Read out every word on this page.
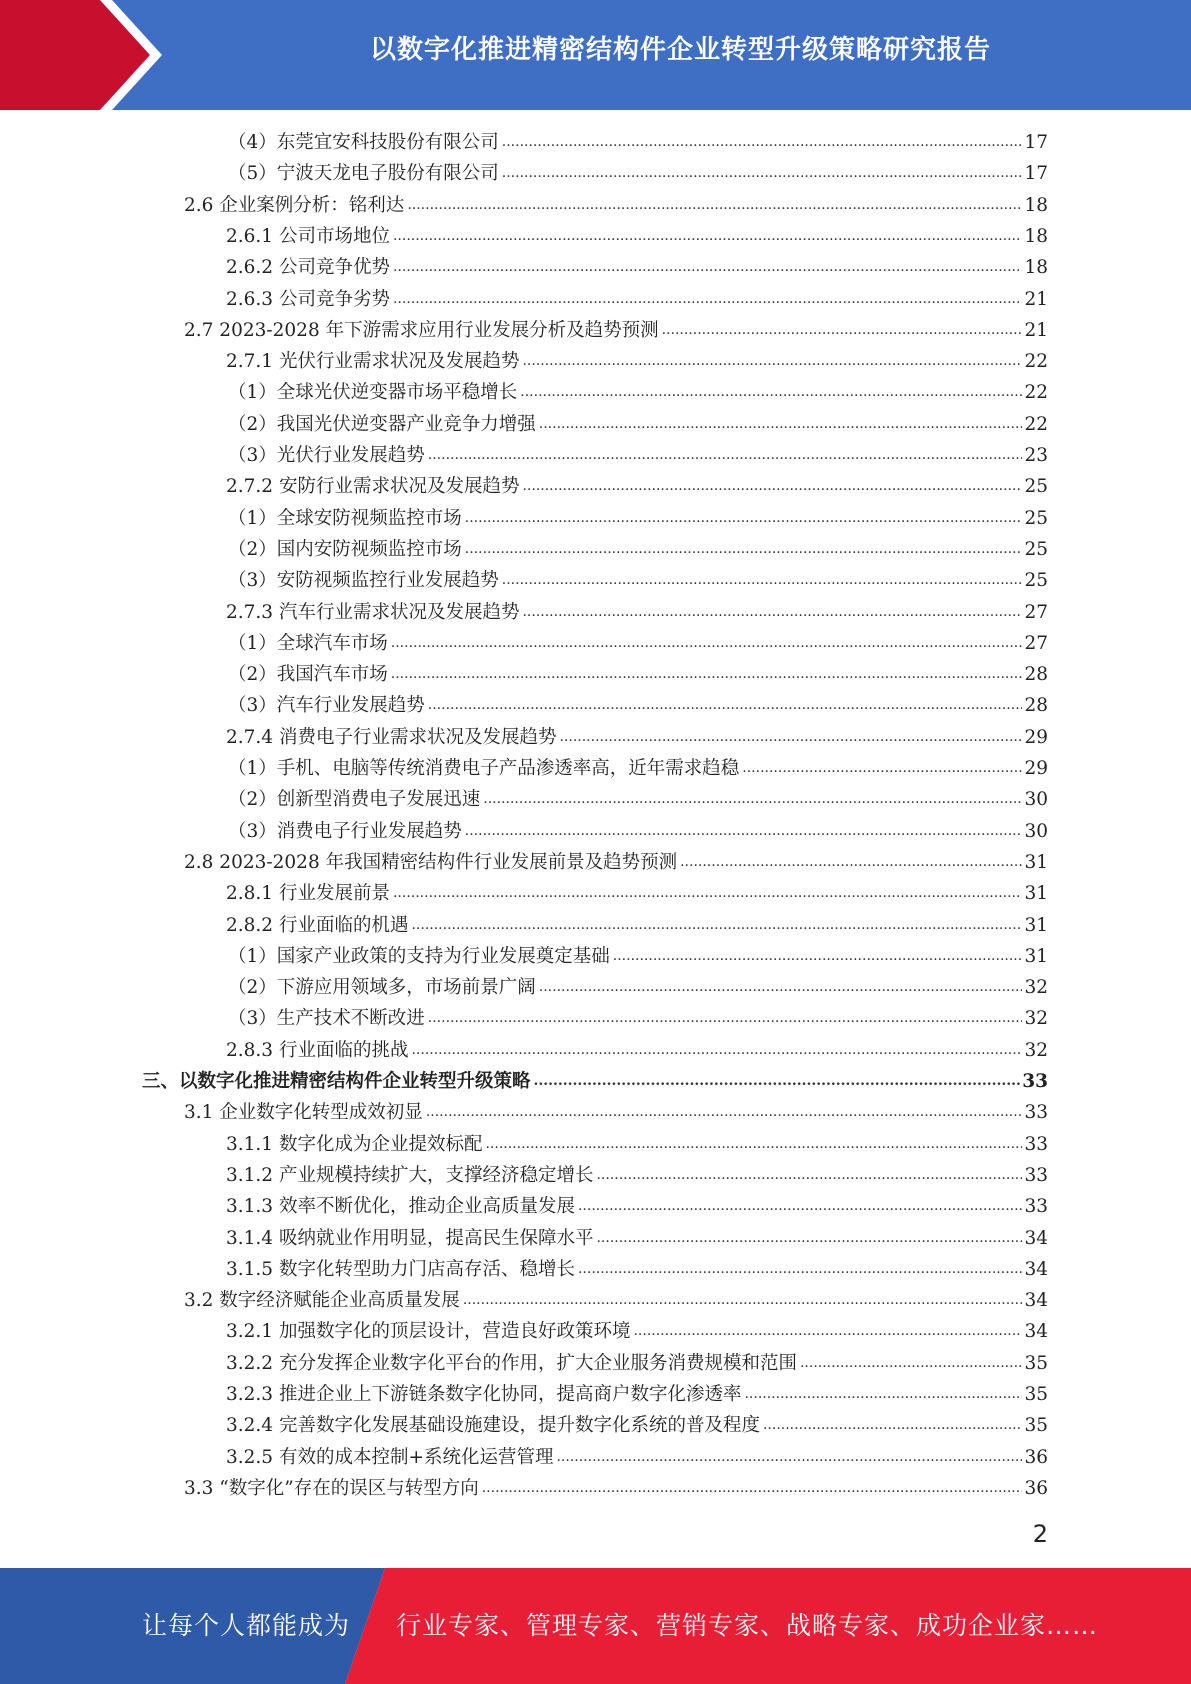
以数字化推进精密结构件企业转型升级策略研究报告
（4）东莞宜安科技股份有限公司 .....	17
（5）宁波天龙电子股份有限公司 .....	17
2.6 企业案例分析：铭利达 .....	18
2.6.1 公司市场地位 .....	18
2.6.2 公司竞争优势 .....	18
2.6.3 公司竞争劣势 .....	21
2.7 2023-2028 年下游需求应用行业发展分析及趋势预测 .....	21
2.7.1 光伏行业需求状况及发展趋势 .....	22
（1）全球光伏逆变器市场平稳增长 .....	22
（2）我国光伏逆变器产业竞争力增强 .....	22
（3）光伏行业发展趋势 .....	23
2.7.2 安防行业需求状况及发展趋势 .....	25
（1）全球安防视频监控市场 .....	25
（2）国内安防视频监控市场 .....	25
（3）安防视频监控行业发展趋势 .....	25
2.7.3 汽车行业需求状况及发展趋势 .....	27
（1）全球汽车市场 .....	27
（2）我国汽车市场 .....	28
（3）汽车行业发展趋势 .....	28
2.7.4 消费电子行业需求状况及发展趋势 .....	29
（1）手机、电脑等传统消费电子产品渗透率高，近年需求趋稳 .....	29
（2）创新型消费电子发展迅速 .....	30
（3）消费电子行业发展趋势 .....	30
2.8 2023-2028 年我国精密结构件行业发展前景及趋势预测 .....	31
2.8.1 行业发展前景 .....	31
2.8.2 行业面临的机遇 .....	31
（1）国家产业政策的支持为行业发展奠定基础 .....	31
（2）下游应用领域多，市场前景广阔 .....	32
（3）生产技术不断改进 .....	32
2.8.3 行业面临的挑战 .....	32
三、以数字化推进精密结构件企业转型升级策略 .....	33
3.1 企业数字化转型成效初显 .....	33
3.1.1 数字化成为企业提效标配 .....	33
3.1.2 产业规模持续扩大，支撑经济稳定增长 .....	33
3.1.3 效率不断优化，推动企业高质量发展 .....	33
3.1.4 吸纳就业作用明显，提高民生保障水平 .....	34
3.1.5 数字化转型助力门店高存活、稳增长 .....	34
3.2 数字经济赋能企业高质量发展 .....	34
3.2.1 加强数字化的顶层设计，营造良好政策环境 .....	34
3.2.2 充分发挥企业数字化平台的作用，扩大企业服务消费规模和范围 .....	35
3.2.3 推进企业上下游链条数字化协同，提高商户数字化渗透率 .....	35
3.2.4 完善数字化发展基础设施建设，提升数字化系统的普及程度 .....	35
3.2.5 有效的成本控制+系统化运营管理 .....	36
3.3 “数字化”存在的误区与转型方向 .....	36
2
让每个人都能成为 行业专家、管理专家、营销专家、战略专家、成功企业家……
